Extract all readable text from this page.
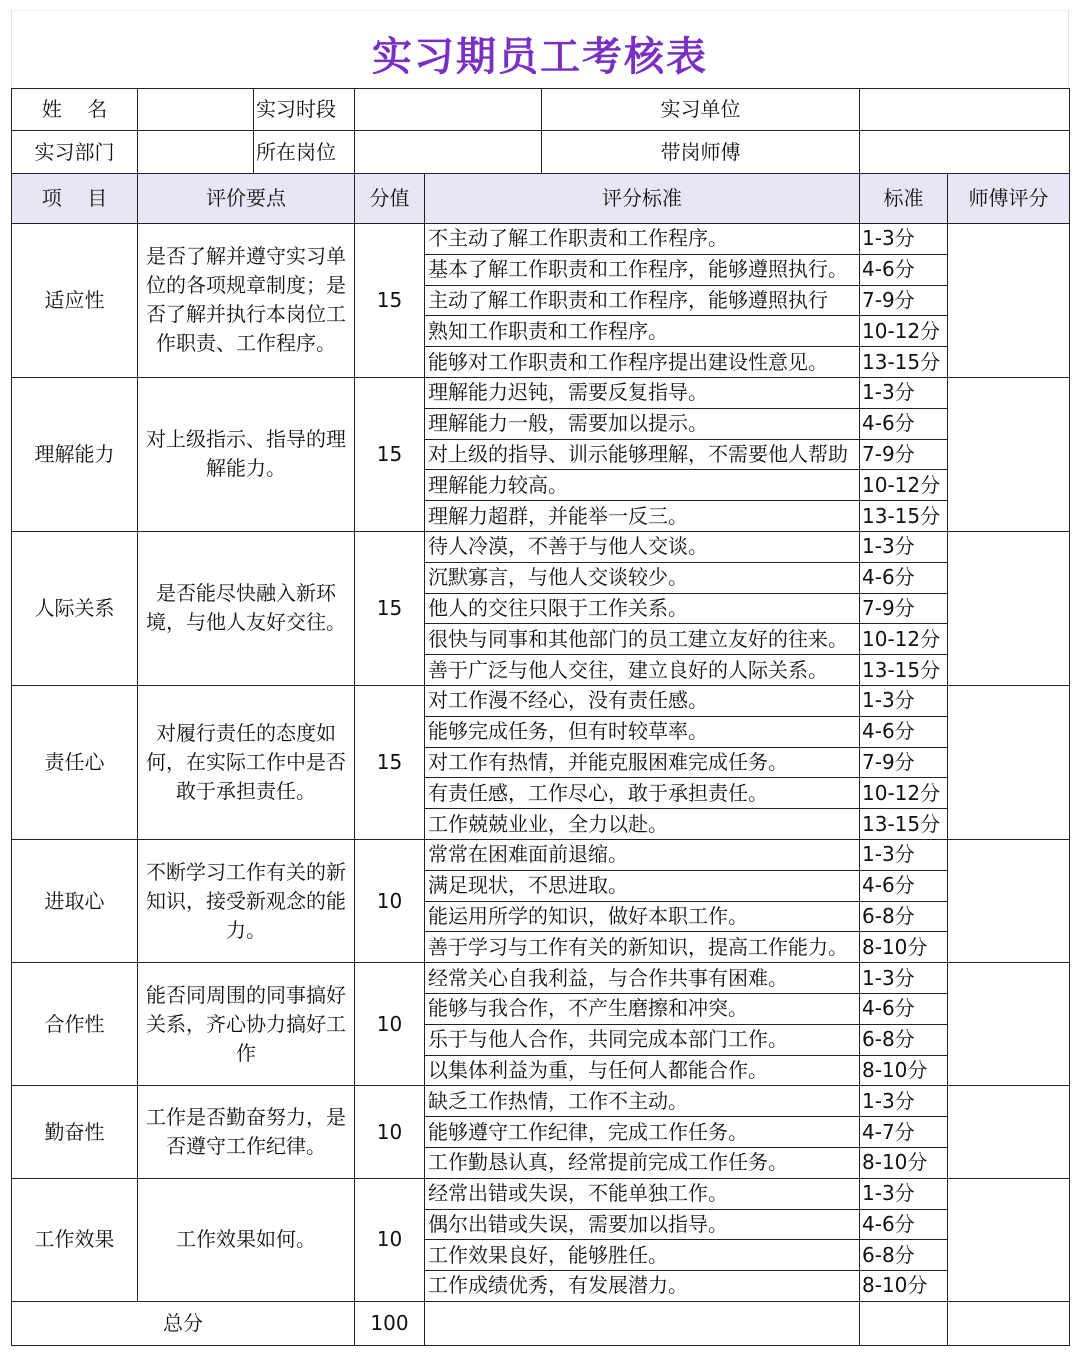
实习期员工考核表
姓    名		实习时段			实习单位		
实习部门		所在岗位			带岗师傅		
项    目	评价要点		分值	评分标准		标准	师傅评分
适应性	是否了解并遵守实习单位的各项规章制度；是否了解并执行本岗位工作职责、工作程序。		15	不主动了解工作职责和工作程序。		1-3分	
				基本了解工作职责和工作程序，能够遵照执行。		4-6分	
				主动了解工作职责和工作程序，能够遵照执行		7-9分	
				熟知工作职责和工作程序。		10-12分	
				能够对工作职责和工作程序提出建设性意见。		13-15分	
理解能力	对上级指示、指导的理解能力。		15	理解能力迟钝，需要反复指导。		1-3分	
				理解能力一般，需要加以提示。		4-6分	
				对上级的指导、训示能够理解，不需要他人帮助		7-9分	
				理解能力较高。		10-12分	
				理解力超群，并能举一反三。		13-15分	
人际关系	是否能尽快融入新环境，与他人友好交往。		15	待人冷漠，不善于与他人交谈。		1-3分	
				沉默寡言，与他人交谈较少。		4-6分	
				他人的交往只限于工作关系。		7-9分	
				很快与同事和其他部门的员工建立友好的往来。		10-12分	
				善于广泛与他人交往，建立良好的人际关系。		13-15分	
责任心	对履行责任的态度如何，在实际工作中是否敢于承担责任。		15	对工作漫不经心，没有责任感。		1-3分	
				能够完成任务，但有时较草率。		4-6分	
				对工作有热情，并能克服困难完成任务。		7-9分	
				有责任感，工作尽心，敢于承担责任。		10-12分	
				工作兢兢业业，全力以赴。		13-15分	
进取心	不断学习工作有关的新知识，接受新观念的能力。		10	常常在困难面前退缩。		1-3分	
				满足现状，不思进取。		4-6分	
				能运用所学的知识，做好本职工作。		6-8分	
				善于学习与工作有关的新知识，提高工作能力。		8-10分	
合作性	能否同周围的同事搞好关系，齐心协力搞好工作		10	经常关心自我利益，与合作共事有困难。		1-3分	
				能够与我合作，不产生磨擦和冲突。		4-6分	
				乐于与他人合作，共同完成本部门工作。		6-8分	
				以集体利益为重，与任何人都能合作。		8-10分	
勤奋性	工作是否勤奋努力，是否遵守工作纪律。		10	缺乏工作热情，工作不主动。		1-3分	
				能够遵守工作纪律，完成工作任务。		4-7分	
				工作勤恳认真，经常提前完成工作任务。		8-10分	
工作效果	工作效果如何。		10	经常出错或失误，不能单独工作。		1-3分	
				偶尔出错或失误，需要加以指导。		4-6分	
				工作效果良好，能够胜任。		6-8分	
				工作成绩优秀，有发展潜力。		8-10分	
总分			100				
